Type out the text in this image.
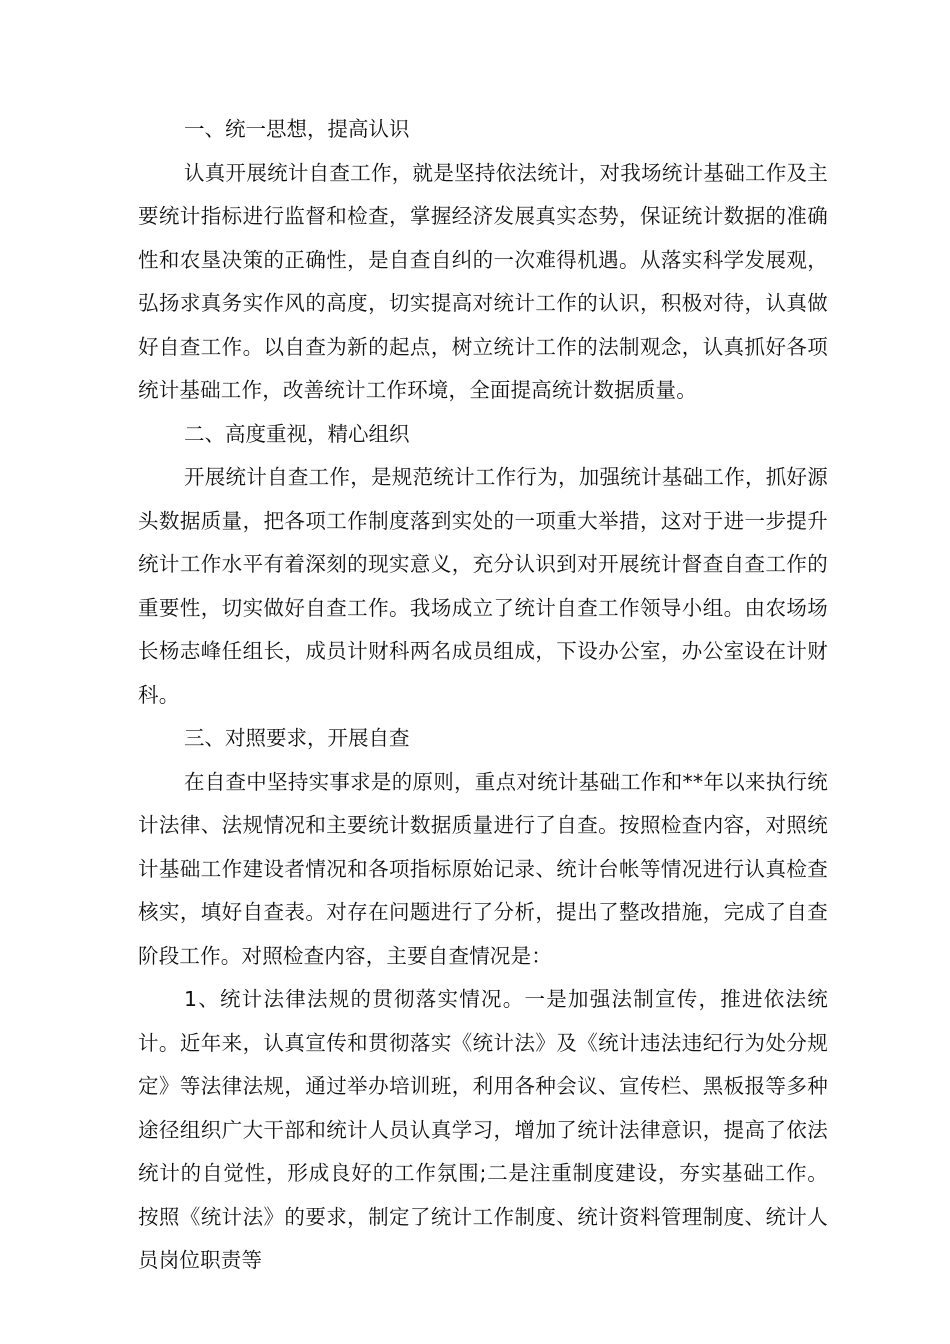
一、统一思想，提高认识

认真开展统计自查工作，就是坚持依法统计，对我场统计基础工作及主要统计指标进行监督和检查，掌握经济发展真实态势，保证统计数据的准确性和农垦决策的正确性，是自查自纠的一次难得机遇。从落实科学发展观，弘扬求真务实作风的高度，切实提高对统计工作的认识，积极对待，认真做好自查工作。以自查为新的起点，树立统计工作的法制观念，认真抓好各项统计基础工作，改善统计工作环境，全面提高统计数据质量。

二、高度重视，精心组织

开展统计自查工作，是规范统计工作行为，加强统计基础工作，抓好源头数据质量，把各项工作制度落到实处的一项重大举措，这对于进一步提升统计工作水平有着深刻的现实意义，充分认识到对开展统计督查自查工作的重要性，切实做好自查工作。我场成立了统计自查工作领导小组。由农场场长杨志峰任组长，成员计财科两名成员组成，下设办公室，办公室设在计财科。

三、对照要求，开展自查

在自查中坚持实事求是的原则，重点对统计基础工作和**年以来执行统计法律、法规情况和主要统计数据质量进行了自查。按照检查内容，对照统计基础工作建设者情况和各项指标原始记录、统计台帐等情况进行认真检查核实，填好自查表。对存在问题进行了分析，提出了整改措施，完成了自查阶段工作。对照检查内容，主要自查情况是：

1、统计法律法规的贯彻落实情况。一是加强法制宣传，推进依法统计。近年来，认真宣传和贯彻落实《统计法》及《统计违法违纪行为处分规定》等法律法规，通过举办培训班，利用各种会议、宣传栏、黑板报等多种途径组织广大干部和统计人员认真学习，增加了统计法律意识，提高了依法统计的自觉性，形成良好的工作氛围;二是注重制度建设，夯实基础工作。按照《统计法》的要求，制定了统计工作制度、统计资料管理制度、统计人员岗位职责等
